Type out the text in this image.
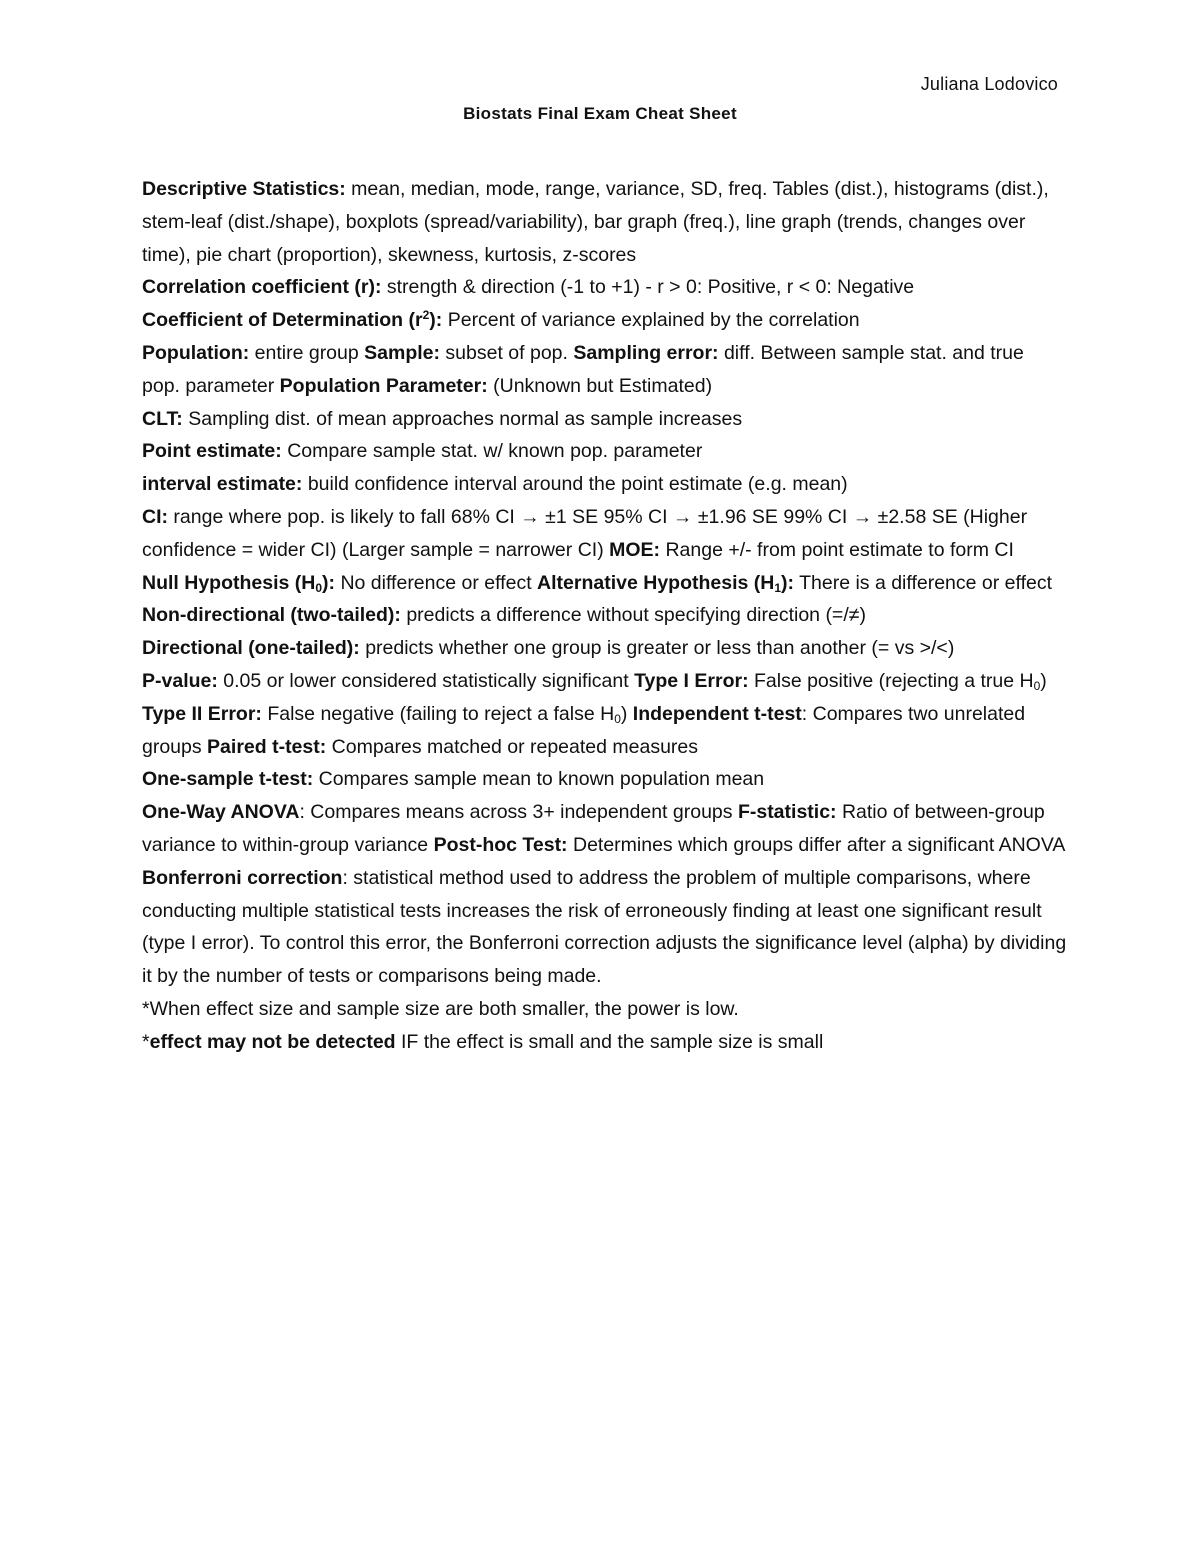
Juliana Lodovico
Biostats Final Exam Cheat Sheet

Descriptive Statistics: mean, median, mode, range, variance, SD, freq. Tables (dist.), histograms (dist.), stem-leaf (dist./shape), boxplots (spread/variability), bar graph (freq.), line graph (trends, changes over time), pie chart (proportion), skewness, kurtosis, z-scores

Correlation coefficient (r): strength & direction (-1 to +1) - r > 0: Positive, r < 0: Negative

Coefficient of Determination $(r^2)$: Percent of variance explained by the correlation

Population: entire group Sample: subset of pop. Sampling error: diff. Between sample stat. and true pop. parameter Population Parameter: (Unknown but Estimated)

CLT: Sampling dist. of mean approaches normal as sample increases

Point estimate: Compare sample stat. w/ known pop. parameter

interval estimate: build confidence interval around the point estimate (e.g. mean)

CI: range where pop. is likely to fall 68% CI → ±1 SE 95% CI → ±1.96 SE 99% CI → ±2.58 SE (Higher confidence = wider CI) (Larger sample = narrower CI) MOE: Range +/- from point estimate to form CI

Null Hypothesis $(H_0)$: No difference or effect Alternative Hypothesis $(H_1)$: There is a difference or effect

Non-directional (two-tailed): predicts a difference without specifying direction (=/≠)

Directional (one-tailed): predicts whether one group is greater or less than another (= vs >/<)

P-value: 0.05 or lower considered statistically significant Type I Error: False positive (rejecting a true $H_0$) Type II Error: False negative (failing to reject a false $H_0$) Independent t-test: Compares two unrelated groups Paired t-test: Compares matched or repeated measures

One-sample t-test: Compares sample mean to known population mean

One-Way ANOVA: Compares means across 3+ independent groups F-statistic: Ratio of between-group variance to within-group variance Post-hoc Test: Determines which groups differ after a significant ANOVA

Bonferroni correction: statistical method used to address the problem of multiple comparisons, where conducting multiple statistical tests increases the risk of erroneously finding at least one significant result (type I error). To control this error, the Bonferroni correction adjusts the significance level (alpha) by dividing it by the number of tests or comparisons being made.

*When effect size and sample size are both smaller, the power is low.

*effect may not be detected IF the effect is small and the sample size is small
